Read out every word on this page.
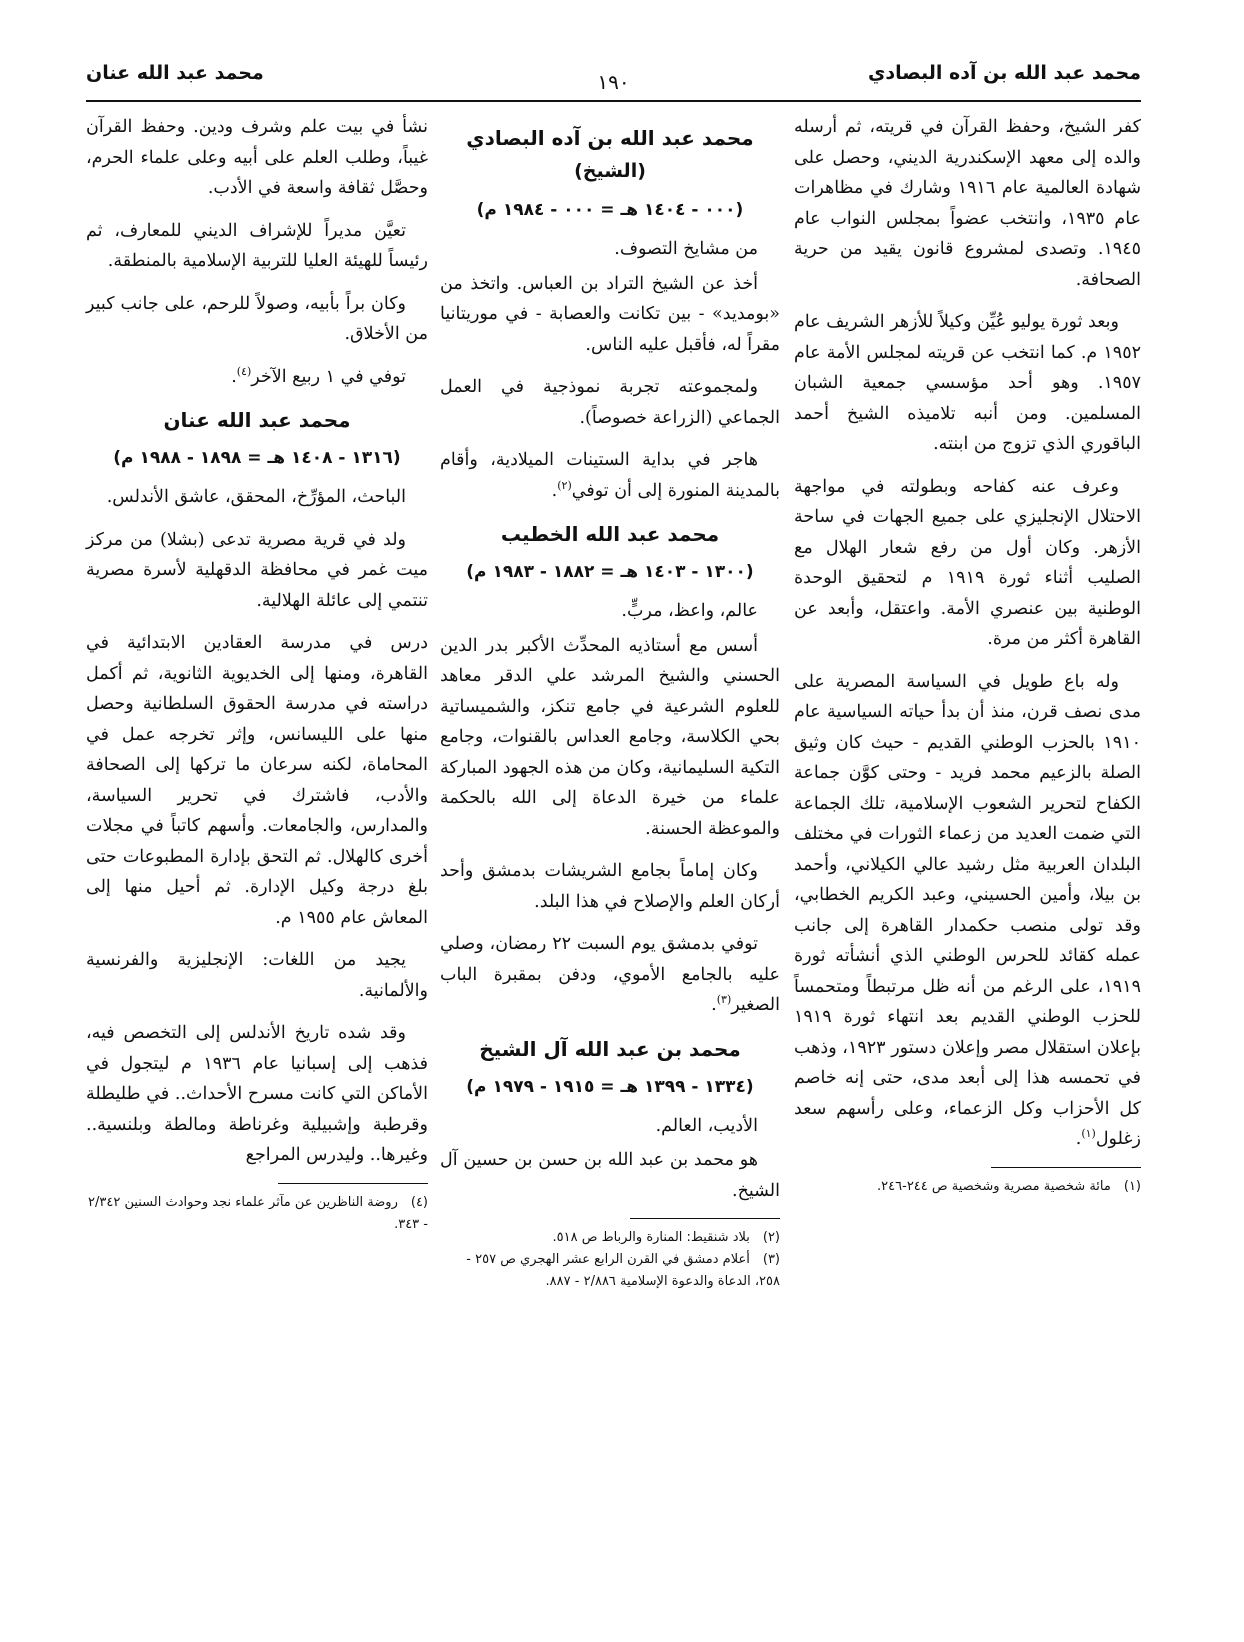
محمد عبد الله بن آده البصادي
١٩٠
محمد عبد الله عنان

كفر الشيخ، وحفظ القرآن في قريته، ثم أرسله والده إلى معهد الإسكندرية الديني، وحصل على شهادة العالمية عام ١٩١٦ وشارك في مظاهرات عام ١٩٣٥، وانتخب عضواً بمجلس النواب عام ١٩٤٥. وتصدى لمشروع قانون يقيد من حرية الصحافة.

وبعد ثورة يوليو عُيِّن وكيلاً للأزهر الشريف عام ١٩٥٢ م. كما انتخب عن قريته لمجلس الأمة عام ١٩٥٧. وهو أحد مؤسسي جمعية الشبان المسلمين. ومن أنبه تلاميذه الشيخ أحمد الباقوري الذي تزوج من ابنته.

وعرف عنه كفاحه وبطولته في مواجهة الاحتلال الإنجليزي على جميع الجهات في ساحة الأزهر. وكان أول من رفع شعار الهلال مع الصليب أثناء ثورة ١٩١٩ م لتحقيق الوحدة الوطنية بين عنصري الأمة. واعتقل، وأبعد عن القاهرة أكثر من مرة.

وله باع طويل في السياسة المصرية على مدى نصف قرن، منذ أن بدأ حياته السياسية عام ١٩١٠ بالحزب الوطني القديم - حيث كان وثيق الصلة بالزعيم محمد فريد - وحتى كوَّن جماعة الكفاح لتحرير الشعوب الإسلامية، تلك الجماعة التي ضمت العديد من زعماء الثورات في مختلف البلدان العربية مثل رشيد عالي الكيلاني، وأحمد بن بيلا، وأمين الحسيني، وعبد الكريم الخطابي، وقد تولى منصب حكمدار القاهرة إلى جانب عمله كقائد للحرس الوطني الذي أنشأته ثورة ١٩١٩، على الرغم من أنه ظل مرتبطاً ومتحمساً للحزب الوطني القديم بعد انتهاء ثورة ١٩١٩ بإعلان استقلال مصر وإعلان دستور ١٩٢٣، وذهب في تحمسه هذا إلى أبعد مدى، حتى إنه خاصم كل الأحزاب وكل الزعماء، وعلى رأسهم سعد زغلول$^{(١)}$.

(١) مائة شخصية مصرية وشخصية ص ٢٤٤-٢٤٦.
محمد عبد الله بن آده البصادي
(الشيخ)
(٠٠٠ - ١٤٠٤ هـ = ٠٠٠ - ١٩٨٤ م)

من مشايخ التصوف.

أخذ عن الشيخ التراد بن العباس. واتخذ من «بومديد» - بين تكانت والعصابة - في موريتانيا مقراً له، فأقبل عليه الناس.

ولمجموعته تجربة نموذجية في العمل الجماعي (الزراعة خصوصاً).

هاجر في بداية الستينات الميلادية، وأقام بالمدينة المنورة إلى أن توفي$^{(٢)}$.

محمد عبد الله الخطيب
(١٣٠٠ - ١٤٠٣ هـ = ١٨٨٢ - ١٩٨٣ م)

عالم، واعظ، مربٍّ.

أسس مع أستاذيه المحدِّث الأكبر بدر الدين الحسني والشيخ المرشد علي الدقر معاهد للعلوم الشرعية في جامع تنكز، والشميساتية بحي الكلاسة، وجامع العداس بالقنوات، وجامع التكية السليمانية، وكان من هذه الجهود المباركة علماء من خيرة الدعاة إلى الله بالحكمة والموعظة الحسنة.

وكان إماماً بجامع الشريشات بدمشق وأحد أركان العلم والإصلاح في هذا البلد.

توفي بدمشق يوم السبت ٢٢ رمضان، وصلي عليه بالجامع الأموي، ودفن بمقبرة الباب الصغير$^{(٣)}$.

محمد بن عبد الله آل الشيخ
(١٣٣٤ - ١٣٩٩ هـ = ١٩١٥ - ١٩٧٩ م)

الأديب، العالم.

هو محمد بن عبد الله بن حسن بن حسين آل الشيخ.

(٢) بلاد شنقيط: المنارة والرباط ص ٥١٨.
(٣) أعلام دمشق في القرن الرابع عشر الهجري ص ٢٥٧ - ٢٥٨، الدعاة والدعوة الإسلامية ٢/٨٨٦ - ٨٨٧.

نشأ في بيت علم وشرف ودين. وحفظ القرآن غيباً، وطلب العلم على أبيه وعلى علماء الحرم، وحصَّل ثقافة واسعة في الأدب.

تعيَّن مديراً للإشراف الديني للمعارف، ثم رئيساً للهيئة العليا للتربية الإسلامية بالمنطقة.

وكان براً بأبيه، وصولاً للرحم، على جانب كبير من الأخلاق.

توفي في ١ ربيع الآخر$^{(٤)}$.

محمد عبد الله عنان
(١٣١٦ - ١٤٠٨ هـ = ١٨٩٨ - ١٩٨٨ م)

الباحث، المؤرِّخ، المحقق، عاشق الأندلس.

ولد في قرية مصرية تدعى (بشلا) من مركز ميت غمر في محافظة الدقهلية لأسرة مصرية تنتمي إلى عائلة الهلالية.

درس في مدرسة العقادين الابتدائية في القاهرة، ومنها إلى الخديوية الثانوية، ثم أكمل دراسته في مدرسة الحقوق السلطانية وحصل منها على الليسانس، وإثر تخرجه عمل في المحاماة، لكنه سرعان ما تركها إلى الصحافة والأدب، فاشترك في تحرير السياسة، والمدارس، والجامعات. وأسهم كاتباً في مجلات أخرى كالهلال. ثم التحق بإدارة المطبوعات حتى بلغ درجة وكيل الإدارة. ثم أحيل منها إلى المعاش عام ١٩٥٥ م.

يجيد من اللغات: الإنجليزية والفرنسية والألمانية.

وقد شده تاريخ الأندلس إلى التخصص فيه، فذهب إلى إسبانيا عام ١٩٣٦ م ليتجول في الأماكن التي كانت مسرح الأحداث.. في طليطلة وقرطبة وإشبيلية وغرناطة ومالطة وبلنسية.. وغيرها.. وليدرس المراجع

(٤) روضة الناظرين عن مآثر علماء نجد وحوادث السنين ٢/٣٤٢ - ٣٤٣.
